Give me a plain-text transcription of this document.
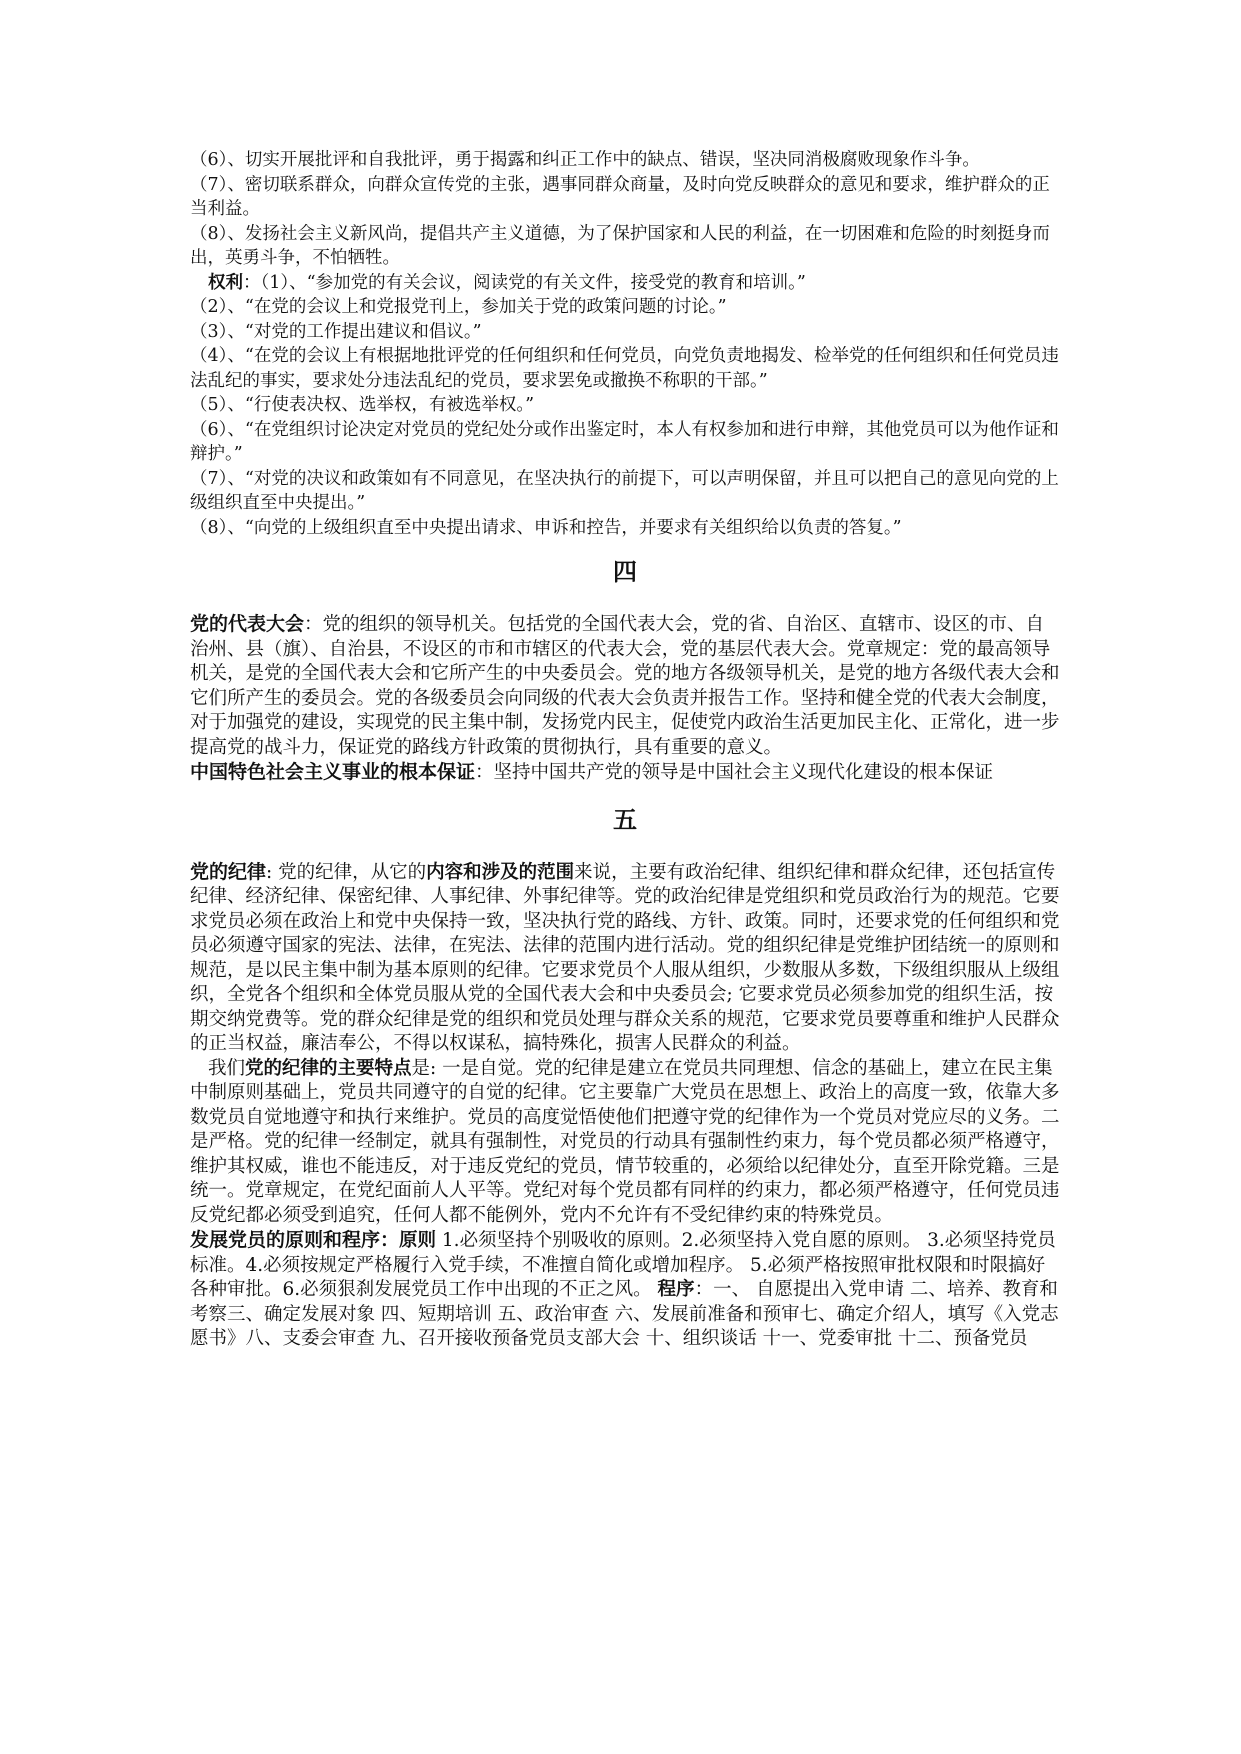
（6）、切实开展批评和自我批评，勇于揭露和纠正工作中的缺点、错误，坚决同消极腐败现象作斗争。

（7）、密切联系群众，向群众宣传党的主张，遇事同群众商量，及时向党反映群众的意见和要求，维护群众的正当利益。

（8）、发扬社会主义新风尚，提倡共产主义道德，为了保护国家和人民的利益，在一切困难和危险的时刻挺身而出，英勇斗争，不怕牺牲。

权利：（1）、“参加党的有关会议，阅读党的有关文件，接受党的教育和培训。”

（2）、“在党的会议上和党报党刊上，参加关于党的政策问题的讨论。”

（3）、“对党的工作提出建议和倡议。”

（4）、“在党的会议上有根据地批评党的任何组织和任何党员，向党负责地揭发、检举党的任何组织和任何党员违法乱纪的事实，要求处分违法乱纪的党员，要求罢免或撤换不称职的干部。”

（5）、“行使表决权、选举权，有被选举权。”

（6）、“在党组织讨论决定对党员的党纪处分或作出鉴定时，本人有权参加和进行申辩，其他党员可以为他作证和辩护。”

（7）、“对党的决议和政策如有不同意见，在坚决执行的前提下，可以声明保留，并且可以把自己的意见向党的上级组织直至中央提出。”

（8）、“向党的上级组织直至中央提出请求、申诉和控告，并要求有关组织给以负责的答复。”

四

党的代表大会：党的组织的领导机关。包括党的全国代表大会，党的省、自治区、直辖市、设区的市、自治州、县（旗）、自治县，不设区的市和市辖区的代表大会，党的基层代表大会。党章规定：党的最高领导机关，是党的全国代表大会和它所产生的中央委员会。党的地方各级领导机关，是党的地方各级代表大会和它们所产生的委员会。党的各级委员会向同级的代表大会负责并报告工作。坚持和健全党的代表大会制度，对于加强党的建设，实现党的民主集中制，发扬党内民主，促使党内政治生活更加民主化、正常化，进一步提高党的战斗力，保证党的路线方针政策的贯彻执行，具有重要的意义。

中国特色社会主义事业的根本保证：坚持中国共产党的领导是中国社会主义现代化建设的根本保证

五

党的纪律: 党的纪律，从它的内容和涉及的范围来说，主要有政治纪律、组织纪律和群众纪律，还包括宣传纪律、经济纪律、保密纪律、人事纪律、外事纪律等。党的政治纪律是党组织和党员政治行为的规范。它要求党员必须在政治上和党中央保持一致，坚决执行党的路线、方针、政策。同时，还要求党的任何组织和党员必须遵守国家的宪法、法律，在宪法、法律的范围内进行活动。党的组织纪律是党维护团结统一的原则和规范，是以民主集中制为基本原则的纪律。它要求党员个人服从组织，少数服从多数，下级组织服从上级组织，全党各个组织和全体党员服从党的全国代表大会和中央委员会; 它要求党员必须参加党的组织生活，按期交纳党费等。党的群众纪律是党的组织和党员处理与群众关系的规范，它要求党员要尊重和维护人民群众的正当权益，廉洁奉公，不得以权谋私，搞特殊化，损害人民群众的利益。

我们党的纪律的主要特点是: 一是自觉。党的纪律是建立在党员共同理想、信念的基础上，建立在民主集中制原则基础上，党员共同遵守的自觉的纪律。它主要靠广大党员在思想上、政治上的高度一致，依靠大多数党员自觉地遵守和执行来维护。党员的高度觉悟使他们把遵守党的纪律作为一个党员对党应尽的义务。二是严格。党的纪律一经制定，就具有强制性，对党员的行动具有强制性约束力，每个党员都必须严格遵守，维护其权威，谁也不能违反，对于违反党纪的党员，情节较重的，必须给以纪律处分，直至开除党籍。三是统一。党章规定，在党纪面前人人平等。党纪对每个党员都有同样的约束力，都必须严格遵守，任何党员违反党纪都必须受到追究，任何人都不能例外，党内不允许有不受纪律约束的特殊党员。

发展党员的原则和程序：原则 1.必须坚持个别吸收的原则。2.必须坚持入党自愿的原则。 3.必须坚持党员标准。4.必须按规定严格履行入党手续，不准擅自简化或增加程序。 5.必须严格按照审批权限和时限搞好各种审批。6.必须狠刹发展党员工作中出现的不正之风。 程序：一、 自愿提出入党申请 二、培养、教育和考察三、确定发展对象 四、短期培训 五、政治审查 六、发展前准备和预审七、确定介绍人，填写《入党志愿书》八、支委会审查 九、召开接收预备党员支部大会 十、组织谈话 十一、党委审批 十二、预备党员
